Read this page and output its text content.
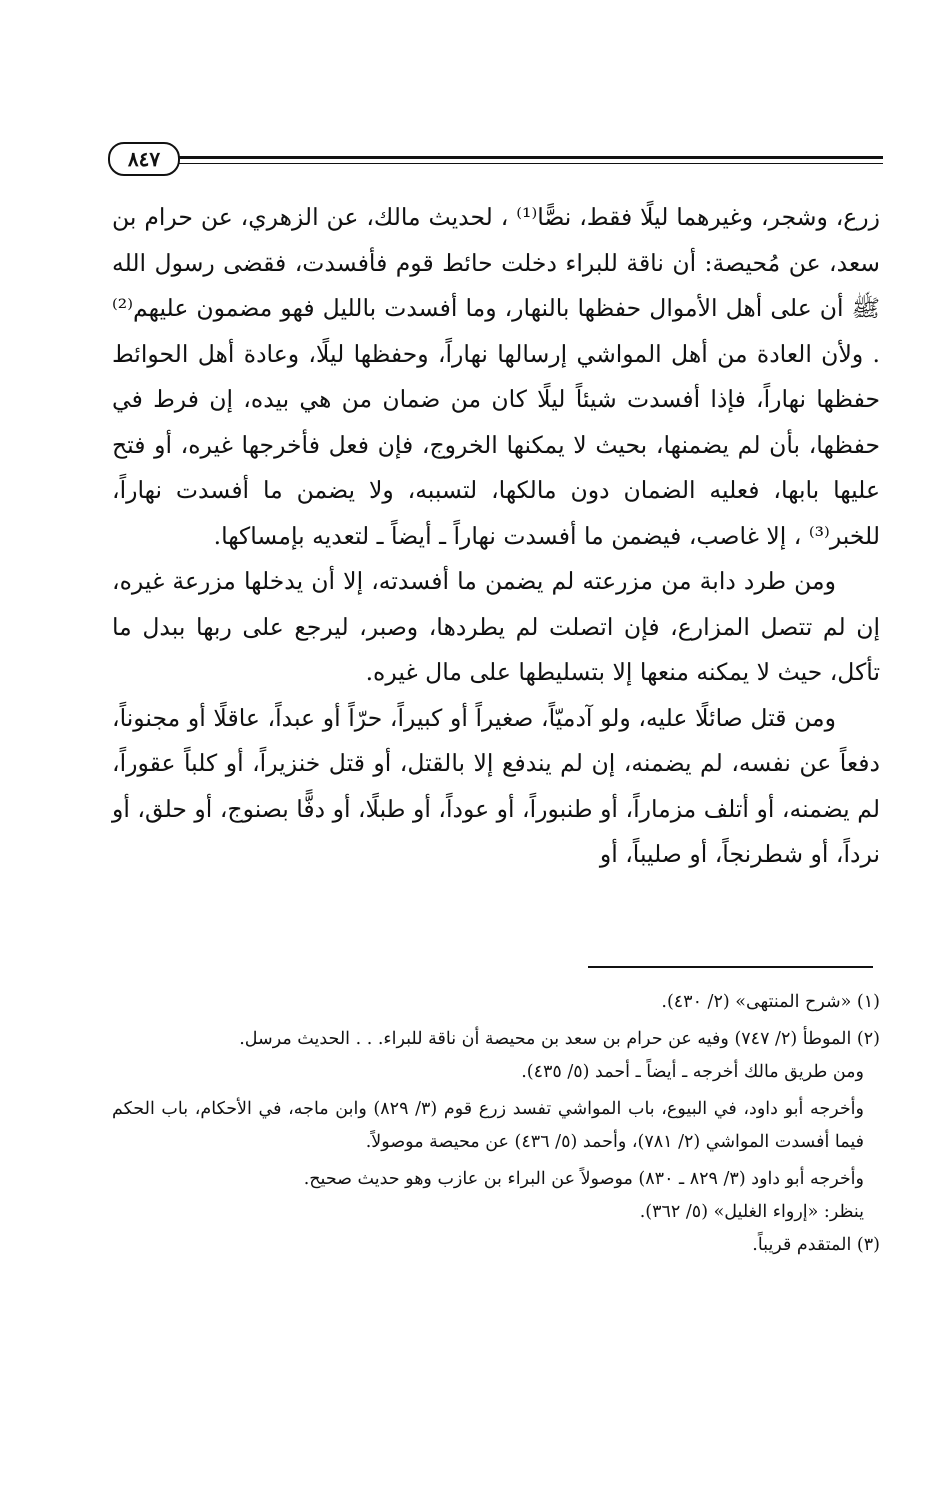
٨٤٧

زرع، وشجر، وغيرهما ليلًا فقط، نصًّا⁽¹⁾ ، لحديث مالك، عن الزهري، عن حرام بن سعد، عن مُحيصة: أن ناقة للبراء دخلت حائط قوم فأفسدت، فقضى رسول الله ﷺ أن على أهل الأموال حفظها بالنهار، وما أفسدت بالليل فهو مضمون عليهم⁽²⁾ . ولأن العادة من أهل المواشي إرسالها نهاراً، وحفظها ليلًا، وعادة أهل الحوائط حفظها نهاراً، فإذا أفسدت شيئاً ليلًا كان من ضمان من هي بيده، إن فرط في حفظها، بأن لم يضمنها، بحيث لا يمكنها الخروج، فإن فعل فأخرجها غيره، أو فتح عليها بابها، فعليه الضمان دون مالكها، لتسببه، ولا يضمن ما أفسدت نهاراً، للخبر⁽³⁾ ، إلا غاصب، فيضمن ما أفسدت نهاراً ـ أيضاً ـ لتعديه بإمساكها.

ومن طرد دابة من مزرعته لم يضمن ما أفسدته، إلا أن يدخلها مزرعة غيره، إن لم تتصل المزارع، فإن اتصلت لم يطردها، وصبر، ليرجع على ربها ببدل ما تأكل، حيث لا يمكنه منعها إلا بتسليطها على مال غيره.

ومن قتل صائلًا عليه، ولو آدميّاً، صغيراً أو كبيراً، حرّاً أو عبداً، عاقلًا أو مجنوناً، دفعاً عن نفسه، لم يضمنه، إن لم يندفع إلا بالقتل، أو قتل خنزيراً، أو كلباً عقوراً، لم يضمنه، أو أتلف مزماراً، أو طنبوراً، أو عوداً، أو طبلًا، أو دفًّا بصنوج، أو حلق، أو نرداً، أو شطرنجاً، أو صليباً، أو

(١) «شرح المنتهى» (٢/ ٤٣٠).

(٢) الموطأ (٢/ ٧٤٧) وفيه عن حرام بن سعد بن محيصة أن ناقة للبراء. . . الحديث مرسل.

ومن طريق مالك أخرجه ـ أيضاً ـ أحمد (٥/ ٤٣٥).

وأخرجه أبو داود، في البيوع، باب المواشي تفسد زرع قوم (٣/ ٨٢٩) وابن ماجه، في الأحكام، باب الحكم فيما أفسدت المواشي (٢/ ٧٨١)، وأحمد (٥/ ٤٣٦) عن محيصة موصولاً.

وأخرجه أبو داود (٣/ ٨٢٩ ـ ٨٣٠) موصولاً عن البراء بن عازب وهو حديث صحيح.

ينظر: «إرواء الغليل» (٥/ ٣٦٢).

(٣) المتقدم قريباً.
